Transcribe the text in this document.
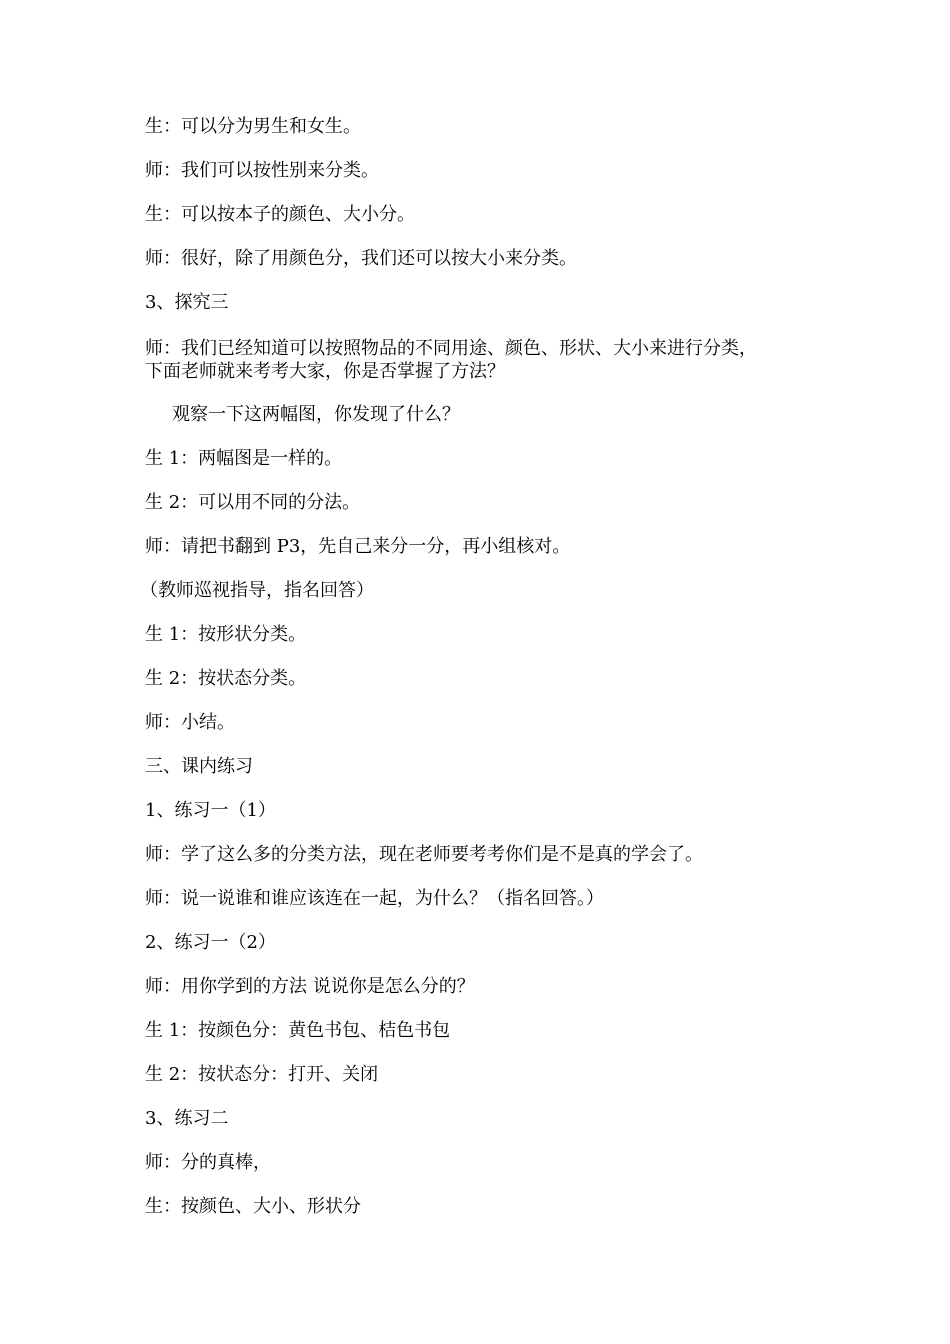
生：可以分为男生和女生。
师：我们可以按性别来分类。
生：可以按本子的颜色、大小分。
师：很好，除了用颜色分，我们还可以按大小来分类。
3、探究三
师：我们已经知道可以按照物品的不同用途、颜色、形状、大小来进行分类，
下面老师就来考考大家，你是否掌握了方法？
观察一下这两幅图，你发现了什么？
生 1：两幅图是一样的。
生 2：可以用不同的分法。
师：请把书翻到 P3，先自己来分一分，再小组核对。
（教师巡视指导，指名回答）
生 1：按形状分类。
生 2：按状态分类。
师：小结。
三、课内练习
1、练习一（1）
师：学了这么多的分类方法，现在老师要考考你们是不是真的学会了。
师：说一说谁和谁应该连在一起，为什么？（指名回答。）
2、练习一（2）
师：用你学到的方法 说说你是怎么分的？
生 1：按颜色分：黄色书包、桔色书包
生 2：按状态分：打开、关闭
3、练习二
师：分的真棒，
生：按颜色、大小、形状分
